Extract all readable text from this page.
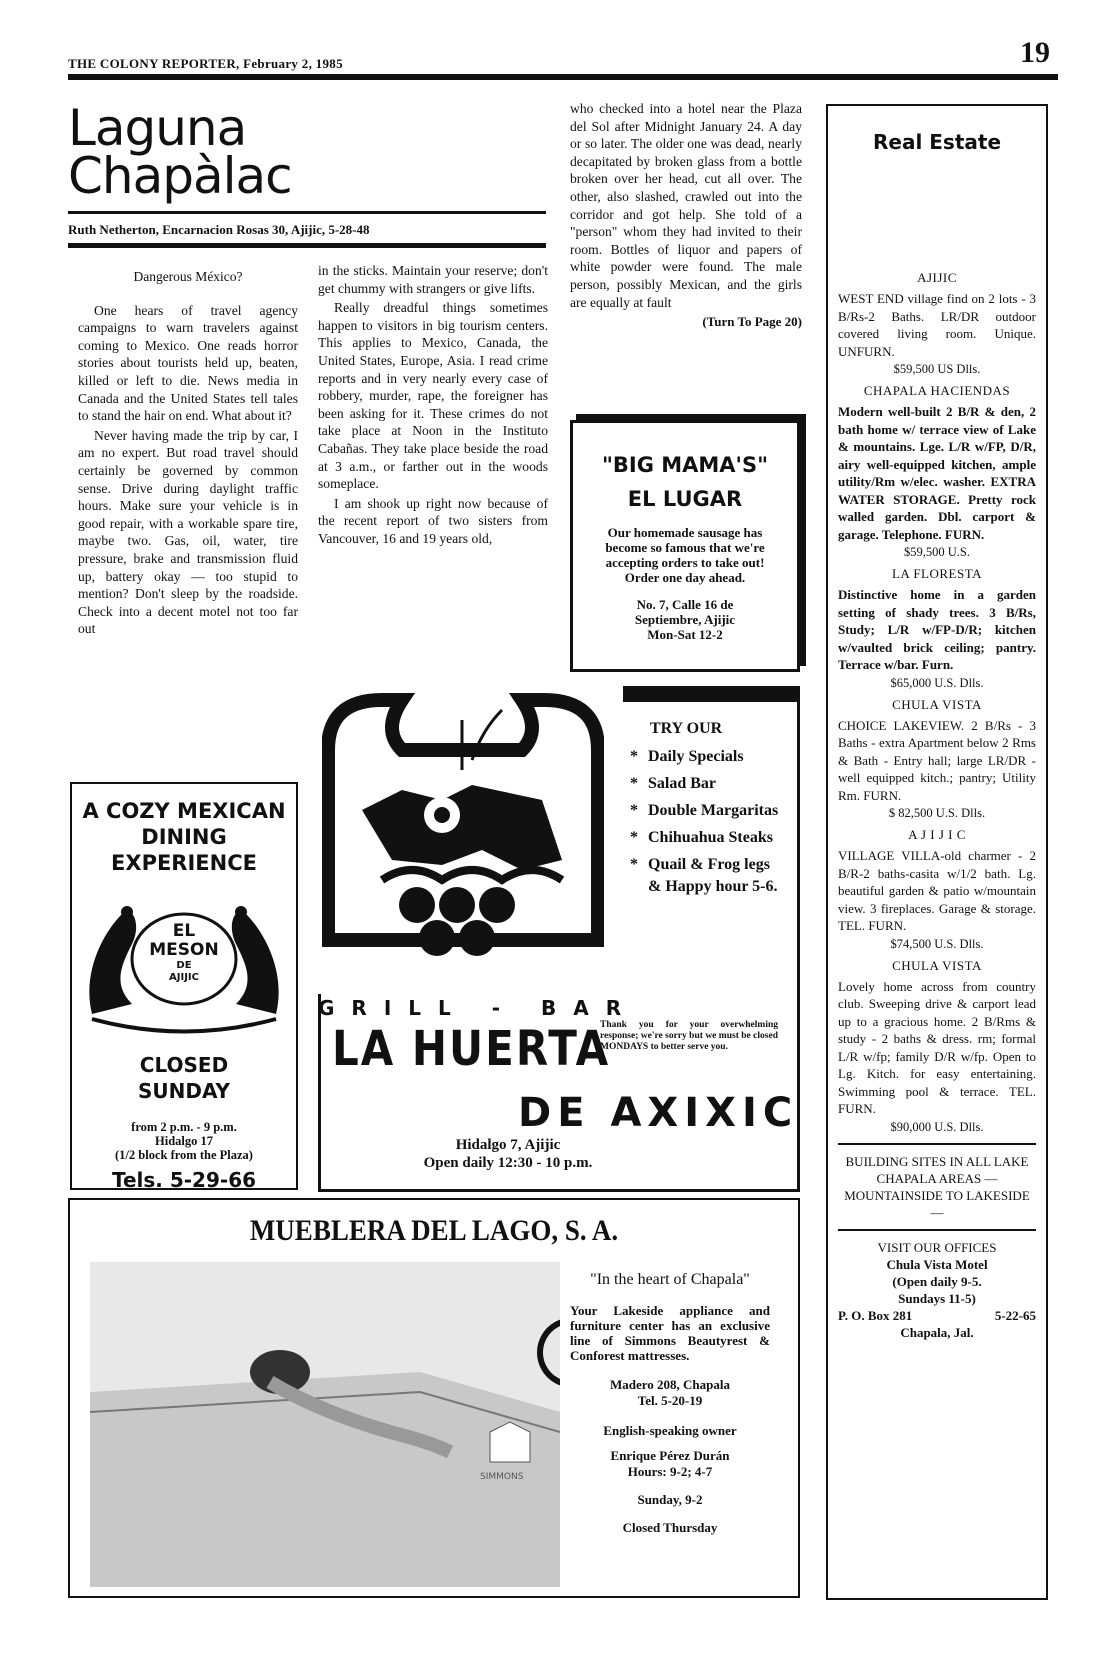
THE COLONY REPORTER, February 2, 1985	19
Laguna
Chapàlac
Ruth Netherton, Encarnacion Rosas 30, Ajijic, 5-28-48
Dangerous México?

One hears of travel agency campaigns to warn travelers against coming to Mexico. One reads horror stories about tourists held up, beaten, killed or left to die. News media in Canada and the United States tell tales to stand the hair on end. What about it?

Never having made the trip by car, I am no expert. But road travel should certainly be governed by common sense. Drive during daylight traffic hours. Make sure your vehicle is in good repair, with a workable spare tire, maybe two. Gas, oil, water, tire pressure, brake and transmission fluid up, battery okay — too stupid to mention? Don't sleep by the roadside. Check into a decent motel not too far out

in the sticks. Maintain your reserve; don't get chummy with strangers or give lifts.

Really dreadful things sometimes happen to visitors in big tourism centers. This applies to Mexico, Canada, the United States, Europe, Asia. I read crime reports and in very nearly every case of robbery, murder, rape, the foreigner has been asking for it. These crimes do not take place at Noon in the Instituto Cabañas. They take place beside the road at 3 a.m., or farther out in the woods someplace.

I am shook up right now because of the recent report of two sisters from Vancouver, 16 and 19 years old,

who checked into a hotel near the Plaza del Sol after Midnight January 24. A day or so later. The older one was dead, nearly decapitated by broken glass from a bottle broken over her head, cut all over. The other, also slashed, crawled out into the corridor and got help. She told of a "person" whom they had invited to their room. Bottles of liquor and papers of white powder were found. The male person, possibly Mexican, and the girls are equally at fault

(Turn To Page 20)
"BIG MAMA'S"
EL LUGAR
Our homemade sausage has become so famous that we're accepting orders to take out! Order one day ahead.
No. 7, Calle 16 de Septiembre, Ajijic
Mon-Sat 12-2
A COZY MEXICAN DINING EXPERIENCE
EL
MESON
DE
AJIJIC
CLOSED SUNDAY
from 2 p.m. - 9 p.m.
Hidalgo 17
(1/2 block from the Plaza)
Tels. 5-29-66
TRY OUR
* Daily Specials
* Salad Bar
* Double Margaritas
* Chihuahua Steaks
* Quail & Frog legs & Happy hour 5-6.
GRILL - BAR
LA HUERTA
Thank you for your overwhelming response; we're sorry but we must be closed MONDAYS to better serve you.
DE AXIXIC
Hidalgo 7, Ajijic
Open daily 12:30 - 10 p.m.
MUEBLERA DEL LAGO, S. A.
SIMMONS
"In the heart of Chapala"
Your Lakeside appliance and furniture center has an exclusive line of Simmons Beautyrest & Conforest mattresses.
Madero 208, Chapala
Tel. 5-20-19
English-speaking owner
Enrique Pérez Durán
Hours: 9-2; 4-7
Sunday, 9-2
Closed Thursday
Real Estate
AJIJIC

WEST END village find on 2 lots - 3 B/Rs-2 Baths. LR/DR outdoor covered living room. Unique. UNFURN.

$59,500 US Dlls.
CHAPALA HACIENDAS

Modern well-built 2 B/R & den, 2 bath home w/ terrace view of Lake & mountains. Lge. L/R w/FP, D/R, airy well-equipped kitchen, ample utility/Rm w/elec. washer. EXTRA WATER STORAGE. Pretty rock walled garden. Dbl. carport & garage. Telephone. FURN.

$59,500 U.S.
LA FLORESTA

Distinctive home in a garden setting of shady trees. 3 B/Rs, Study; L/R w/FP-D/R; kitchen w/vaulted brick ceiling; pantry. Terrace w/bar. Furn.

$65,000 U.S. Dlls.
CHULA VISTA

CHOICE LAKEVIEW. 2 B/Rs - 3 Baths - extra Apartment below 2 Rms & Bath - Entry hall; large LR/DR - well equipped kitch.; pantry; Utility Rm. FURN.

$ 82,500 U.S. Dlls.
A J I J I C

VILLAGE VILLA-old charmer - 2 B/R-2 baths-casita w/1/2 bath. Lg. beautiful garden & patio w/mountain view. 3 fireplaces. Garage & storage. TEL. FURN.

$74,500 U.S. Dlls.
CHULA VISTA

Lovely home across from country club. Sweeping drive & carport lead up to a gracious home. 2 B/Rms & study - 2 baths & dress. rm; formal L/R w/fp; family D/R w/fp. Open to Lg. Kitch. for easy entertaining. Swimming pool & terrace. TEL. FURN.

$90,000 U.S. Dlls.
BUILDING SITES IN ALL LAKE CHAPALA AREAS — MOUNTAINSIDE TO LAKESIDE —
VISIT OUR OFFICES
Chula Vista Motel
(Open daily 9-5.
Sundays 11-5)
P. O. Box 281	5-22-65
Chapala, Jal.
